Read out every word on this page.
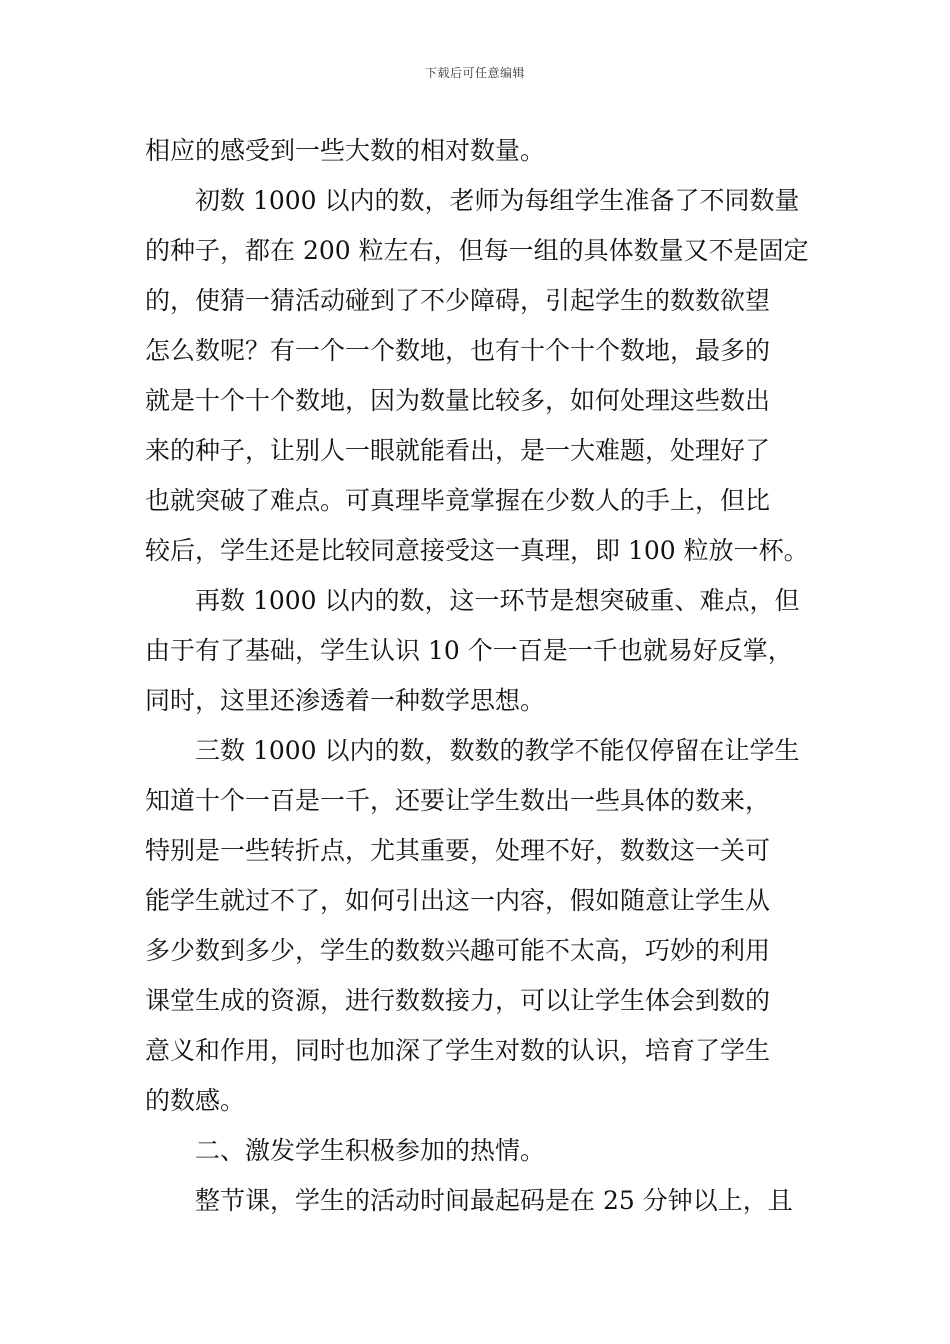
下载后可任意编辑
相应的感受到一些大数的相对数量。
初数 1000 以内的数，老师为每组学生准备了不同数量
的种子，都在 200 粒左右，但每一组的具体数量又不是固定
的，使猜一猜活动碰到了不少障碍，引起学生的数数欲望
怎么数呢？有一个一个数地，也有十个十个数地，最多的
就是十个十个数地，因为数量比较多，如何处理这些数出
来的种子，让别人一眼就能看出，是一大难题，处理好了
也就突破了难点。可真理毕竟掌握在少数人的手上，但比
较后，学生还是比较同意接受这一真理，即 100 粒放一杯。
再数 1000 以内的数，这一环节是想突破重、难点，但
由于有了基础，学生认识 10 个一百是一千也就易好反掌，
同时，这里还渗透着一种数学思想。
三数 1000 以内的数，数数的教学不能仅停留在让学生
知道十个一百是一千，还要让学生数出一些具体的数来，
特别是一些转折点，尤其重要，处理不好，数数这一关可
能学生就过不了，如何引出这一内容，假如随意让学生从
多少数到多少，学生的数数兴趣可能不太高，巧妙的利用
课堂生成的资源，进行数数接力，可以让学生体会到数的
意义和作用，同时也加深了学生对数的认识，培育了学生
的数感。
二、激发学生积极参加的热情。
整节课，学生的活动时间最起码是在 25 分钟以上，且
